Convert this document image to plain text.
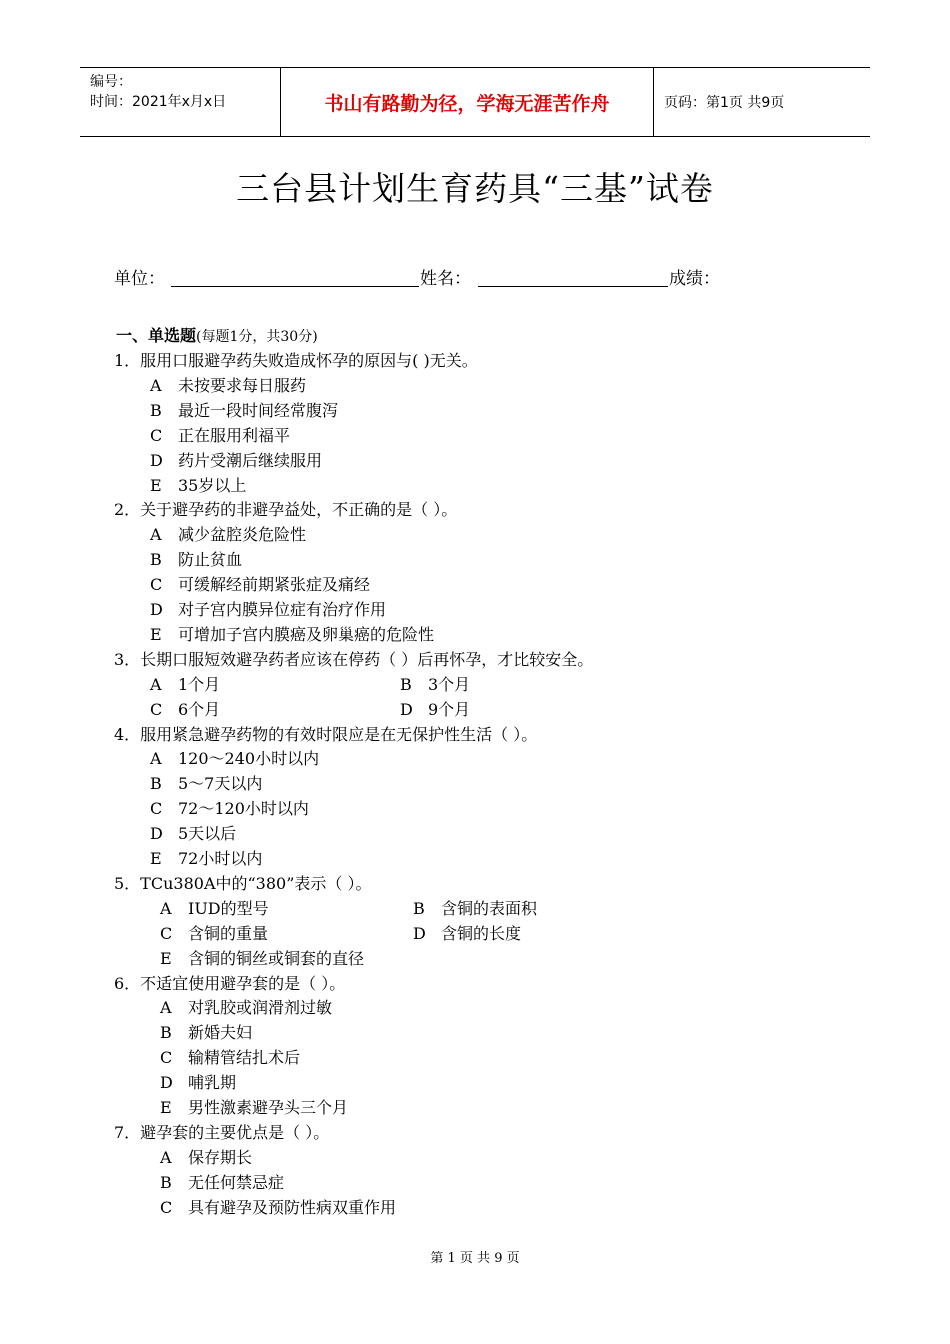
编号：
时间：2021年x月x日	书山有路勤为径，学海无涯苦作舟	页码：第1页 共9页
三台县计划生育药具“三基”试卷
单位：	姓名：	成绩：
一、单选题(每题1分，共30分)
1．服用口服避孕药失败造成怀孕的原因与( )无关。
A 未按要求每日服药
B 最近一段时间经常腹泻
C 正在服用利福平
D 药片受潮后继续服用
E 35岁以上
2．关于避孕药的非避孕益处，不正确的是（ ）。
A 减少盆腔炎危险性
B 防止贫血
C 可缓解经前期紧张症及痛经
D 对子宫内膜异位症有治疗作用
E 可增加子宫内膜癌及卵巢癌的危险性
3．长期口服短效避孕药者应该在停药（ ）后再怀孕，才比较安全。
A 1个月	B 3个月
C 6个月	D 9个月
4．服用紧急避孕药物的有效时限应是在无保护性生活（ ）。
A 120～240小时以内
B 5～7天以内
C 72～120小时以内
D 5天以后
E 72小时以内
5．TCu380A中的“380”表示（ ）。
A IUD的型号	B 含铜的表面积
C 含铜的重量	D 含铜的长度
E 含铜的铜丝或铜套的直径
6．不适宜使用避孕套的是（ ）。
A 对乳胶或润滑剂过敏
B 新婚夫妇
C 输精管结扎术后
D 哺乳期
E 男性激素避孕头三个月
7．避孕套的主要优点是（ ）。
A 保存期长
B 无任何禁忌症
C 具有避孕及预防性病双重作用
第 1 页 共 9 页
